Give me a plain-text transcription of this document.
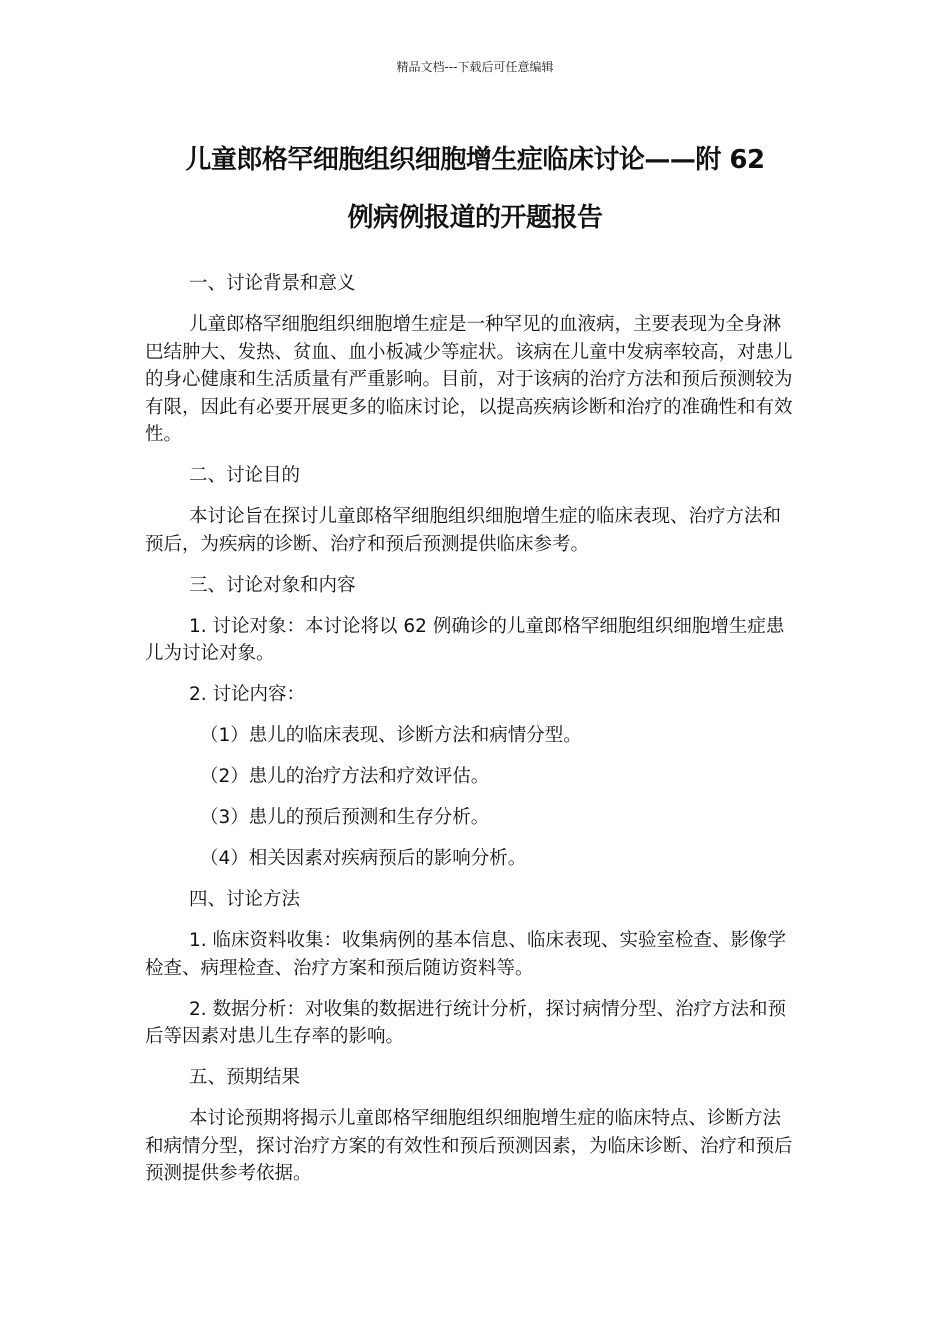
精品文档---下载后可任意编辑
儿童郎格罕细胞组织细胞增生症临床讨论——附 62
例病例报道的开题报告

一、讨论背景和意义

儿童郎格罕细胞组织细胞增生症是一种罕见的血液病，主要表现为全身淋巴结肿大、发热、贫血、血小板减少等症状。该病在儿童中发病率较高，对患儿的身心健康和生活质量有严重影响。目前，对于该病的治疗方法和预后预测较为有限，因此有必要开展更多的临床讨论，以提高疾病诊断和治疗的准确性和有效性。

二、讨论目的

本讨论旨在探讨儿童郎格罕细胞组织细胞增生症的临床表现、治疗方法和预后，为疾病的诊断、治疗和预后预测提供临床参考。

三、讨论对象和内容

1. 讨论对象：本讨论将以 62 例确诊的儿童郎格罕细胞组织细胞增生症患儿为讨论对象。

2. 讨论内容：

（1）患儿的临床表现、诊断方法和病情分型。

（2）患儿的治疗方法和疗效评估。

（3）患儿的预后预测和生存分析。

（4）相关因素对疾病预后的影响分析。

四、讨论方法

1. 临床资料收集：收集病例的基本信息、临床表现、实验室检查、影像学检查、病理检查、治疗方案和预后随访资料等。

2. 数据分析：对收集的数据进行统计分析，探讨病情分型、治疗方法和预后等因素对患儿生存率的影响。

五、预期结果

本讨论预期将揭示儿童郎格罕细胞组织细胞增生症的临床特点、诊断方法和病情分型，探讨治疗方案的有效性和预后预测因素，为临床诊断、治疗和预后预测提供参考依据。
